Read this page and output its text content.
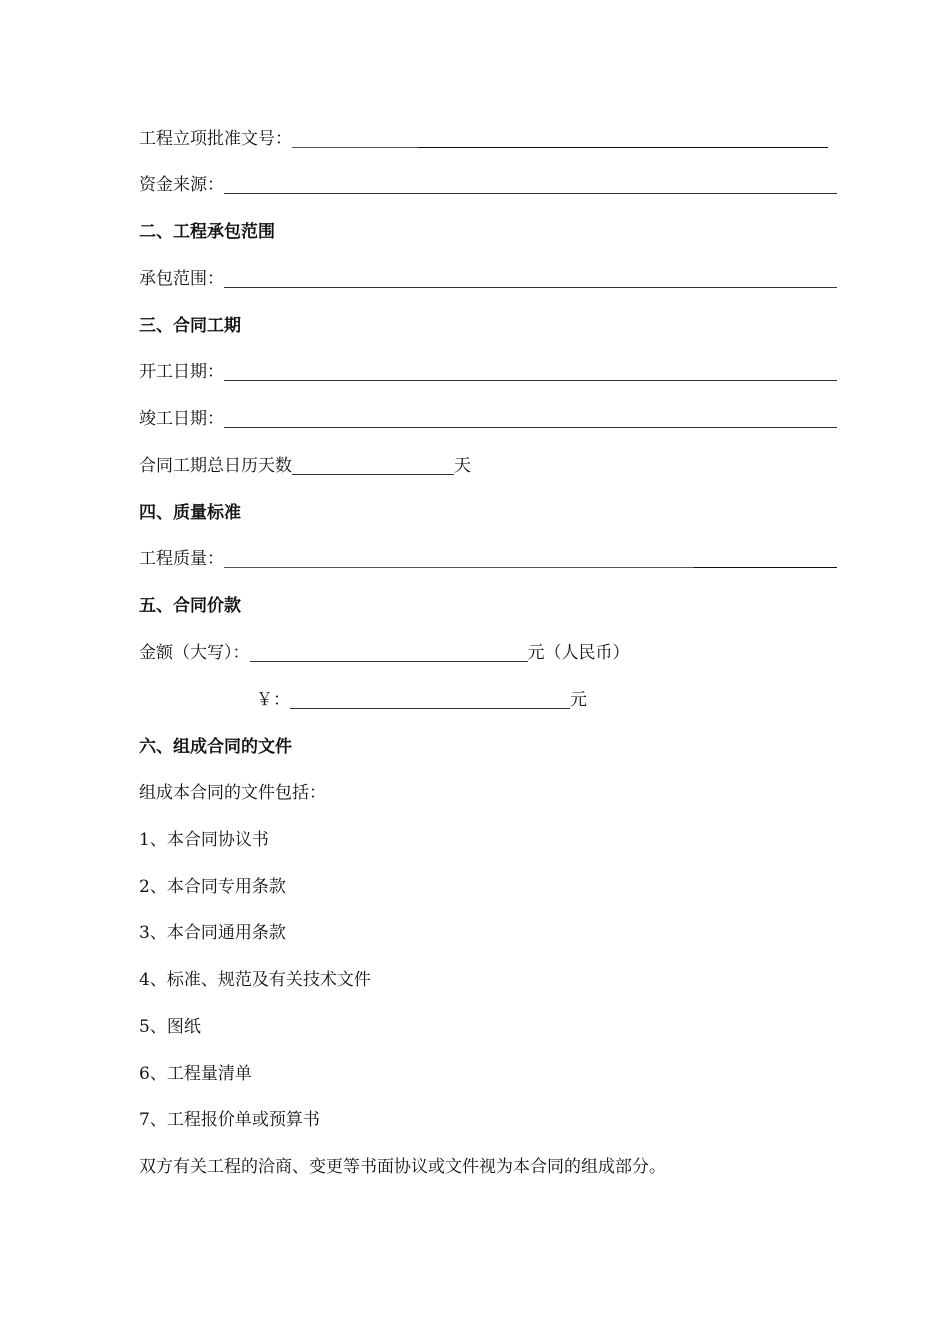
工程立项批准文号：
资金来源：
二、工程承包范围
承包范围：
三、合同工期
开工日期：
竣工日期：
合同工期总日历天数	天
四、质量标准
工程质量：
五、合同价款
金额（大写）：	元（人民币）
￥：	元
六、组成合同的文件
组成本合同的文件包括：
1、本合同协议书
2、本合同专用条款
3、本合同通用条款
4、标准、规范及有关技术文件
5、图纸
6、工程量清单
7、工程报价单或预算书
双方有关工程的洽商、变更等书面协议或文件视为本合同的组成部分。
